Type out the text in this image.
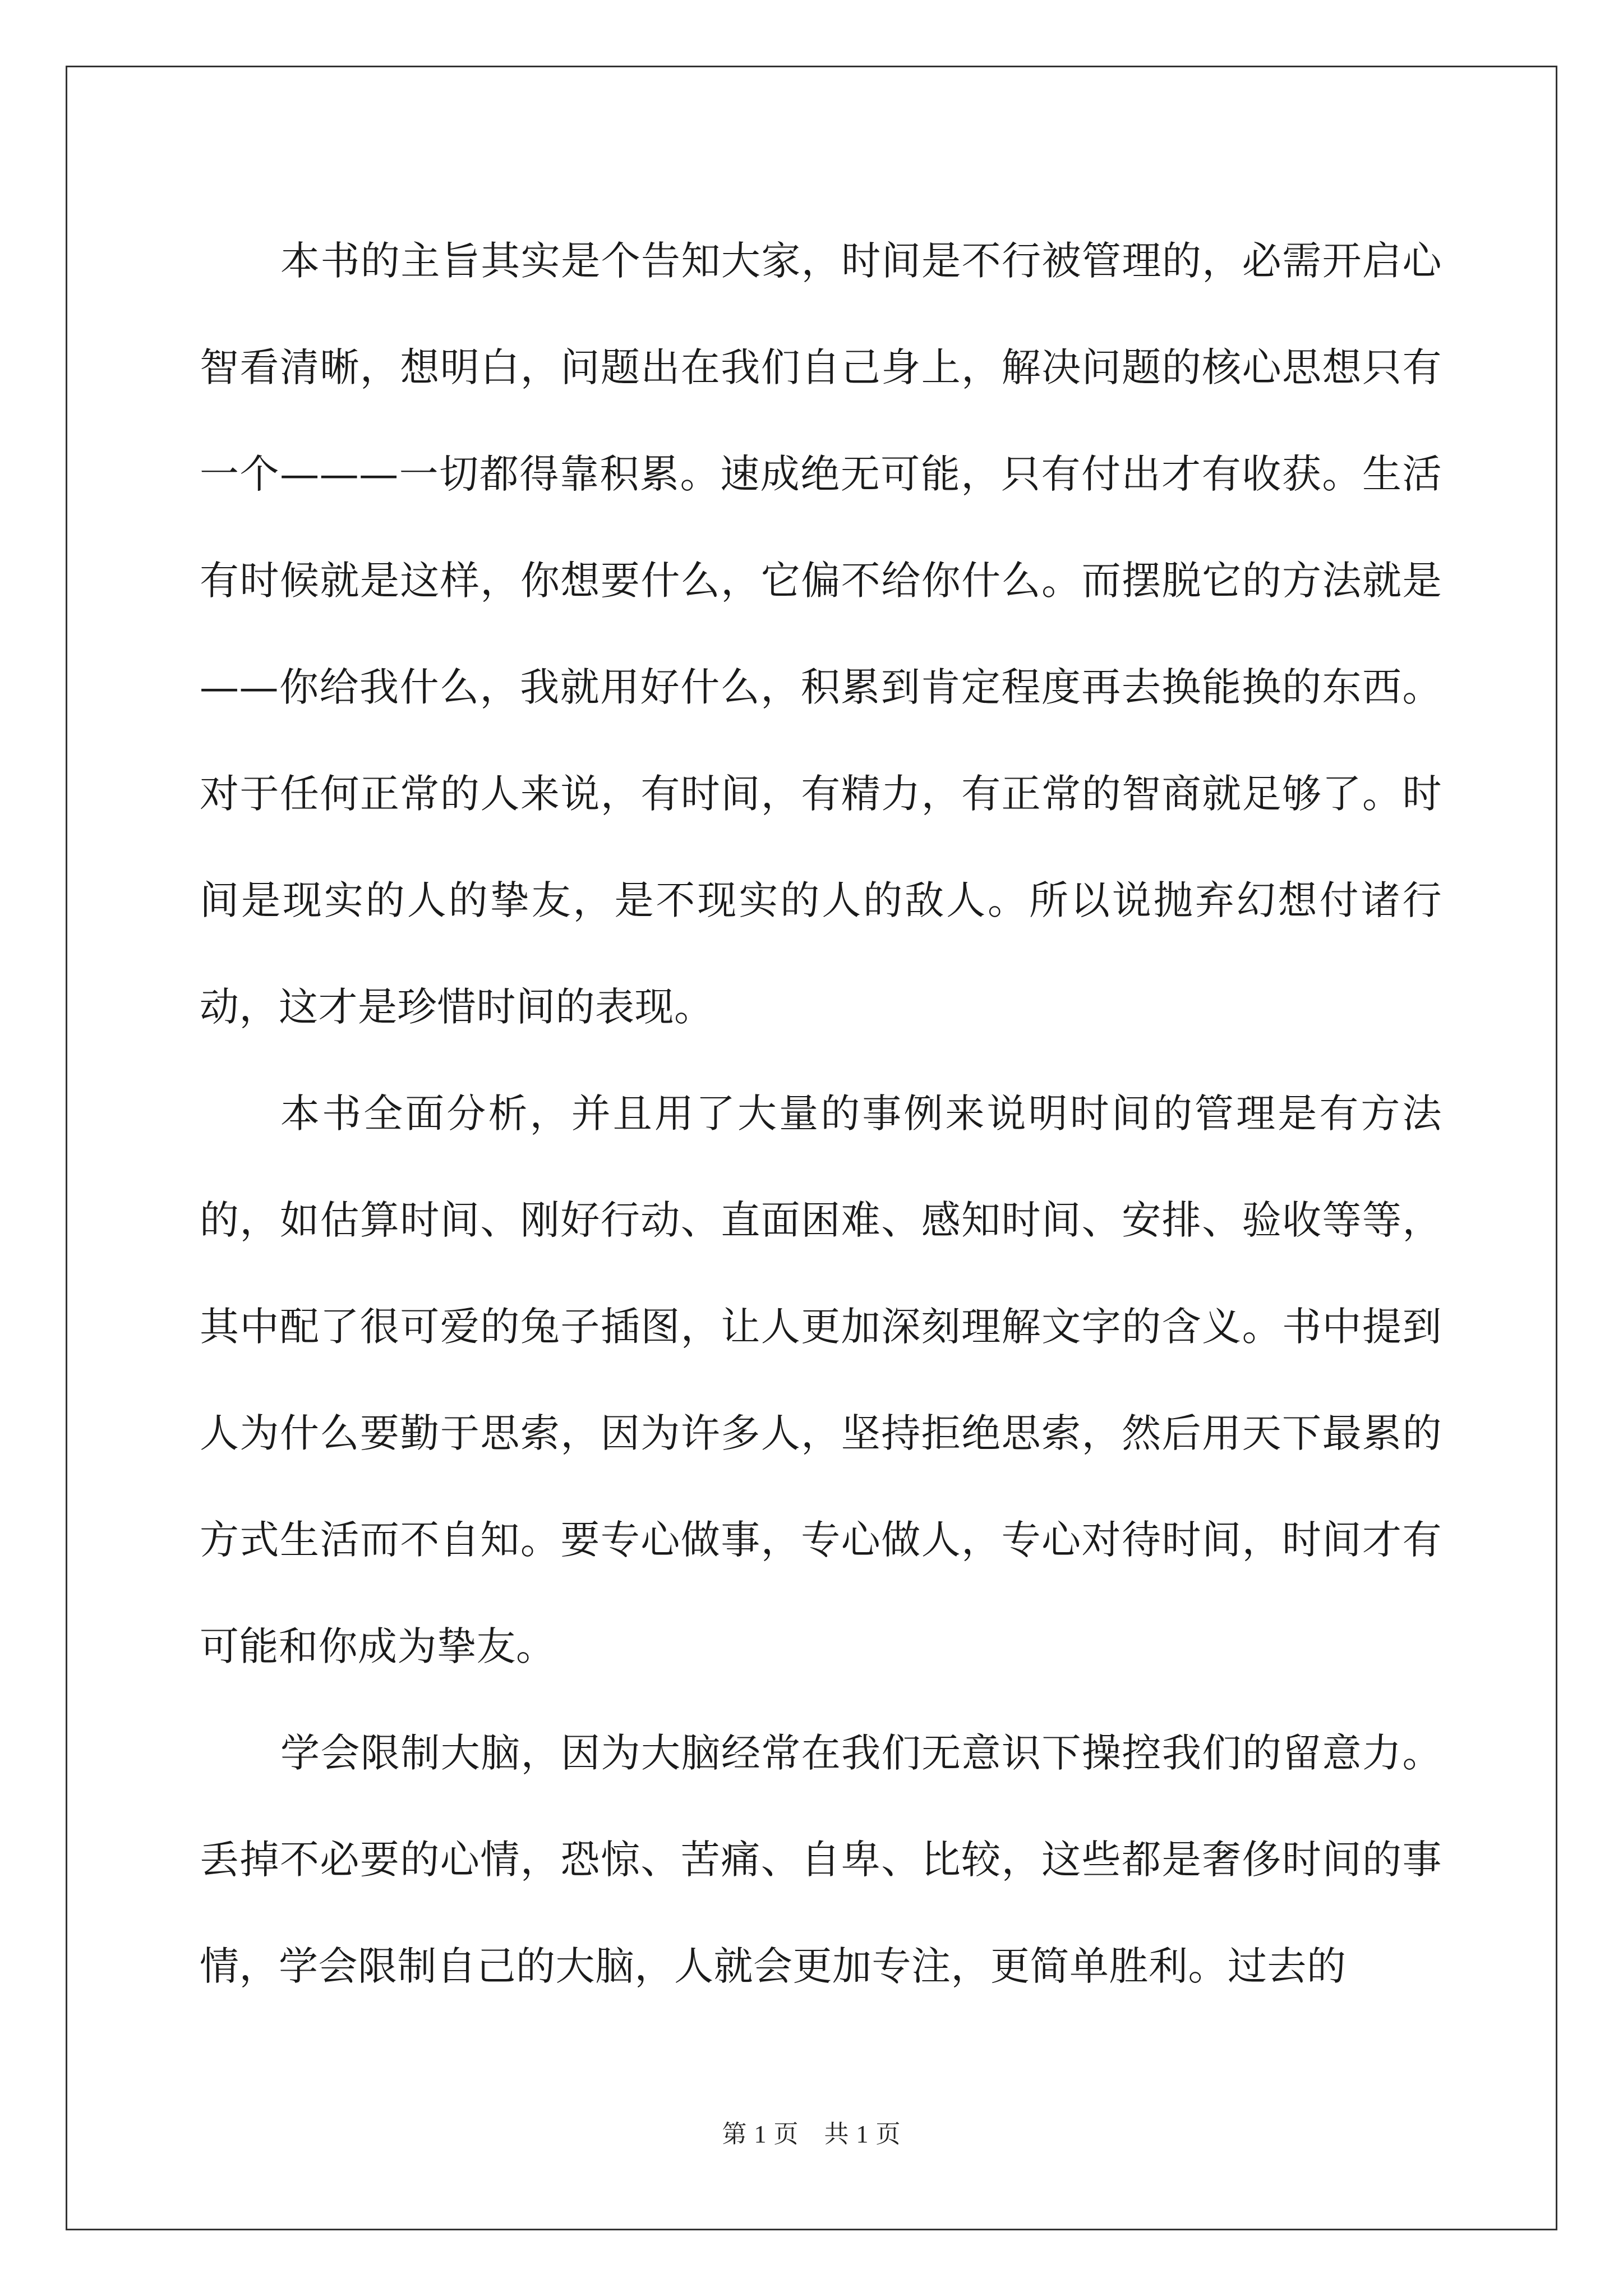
本书的主旨其实是个告知大家，时间是不行被管理的，必需开启心智看清晰，想明白，问题出在我们自己身上，解决问题的核心思想只有一个———一切都得靠积累。速成绝无可能，只有付出才有收获。生活有时候就是这样，你想要什么，它偏不给你什么。而摆脱它的方法就是——你给我什么，我就用好什么，积累到肯定程度再去换能换的东西。对于任何正常的人来说，有时间，有精力，有正常的智商就足够了。时间是现实的人的挚友，是不现实的人的敌人。所以说抛弃幻想付诸行动，这才是珍惜时间的表现。

本书全面分析，并且用了大量的事例来说明时间的管理是有方法的，如估算时间、刚好行动、直面困难、感知时间、安排、验收等等，其中配了很可爱的兔子插图，让人更加深刻理解文字的含义。书中提到人为什么要勤于思索，因为许多人，坚持拒绝思索，然后用天下最累的方式生活而不自知。要专心做事，专心做人，专心对待时间，时间才有可能和你成为挚友。

学会限制大脑，因为大脑经常在我们无意识下操控我们的留意力。丢掉不必要的心情，恐惊、苦痛、自卑、比较，这些都是奢侈时间的事情，学会限制自己的大脑，人就会更加专注，更简单胜利。过去的

第 1 页　共 1 页
